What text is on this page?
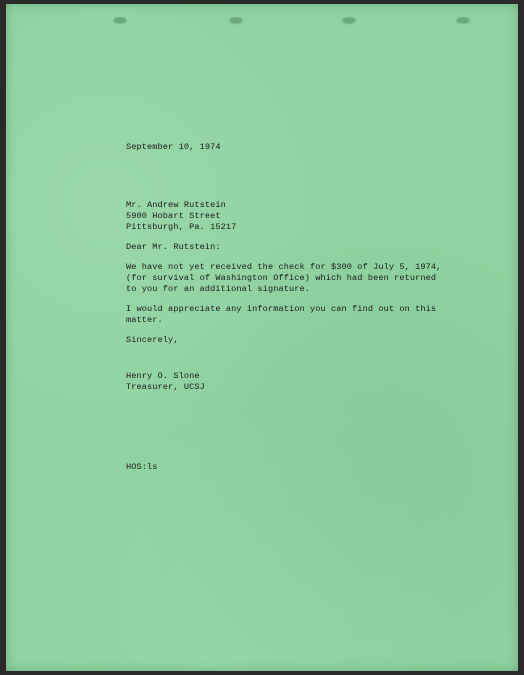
September 10, 1974
Mr. Andrew Rutstein
5900 Hobart Street
Pittsburgh, Pa. 15217
Dear Mr. Rutstein:
We have not yet received the check for $300 of July 5, 1974,
(for survival of Washington Office) which had been returned
to you for an additional signature.
I would appreciate any information you can find out on this
matter.
Sincerely,
Henry O. Slone
Treasurer, UCSJ
HOS:ls
